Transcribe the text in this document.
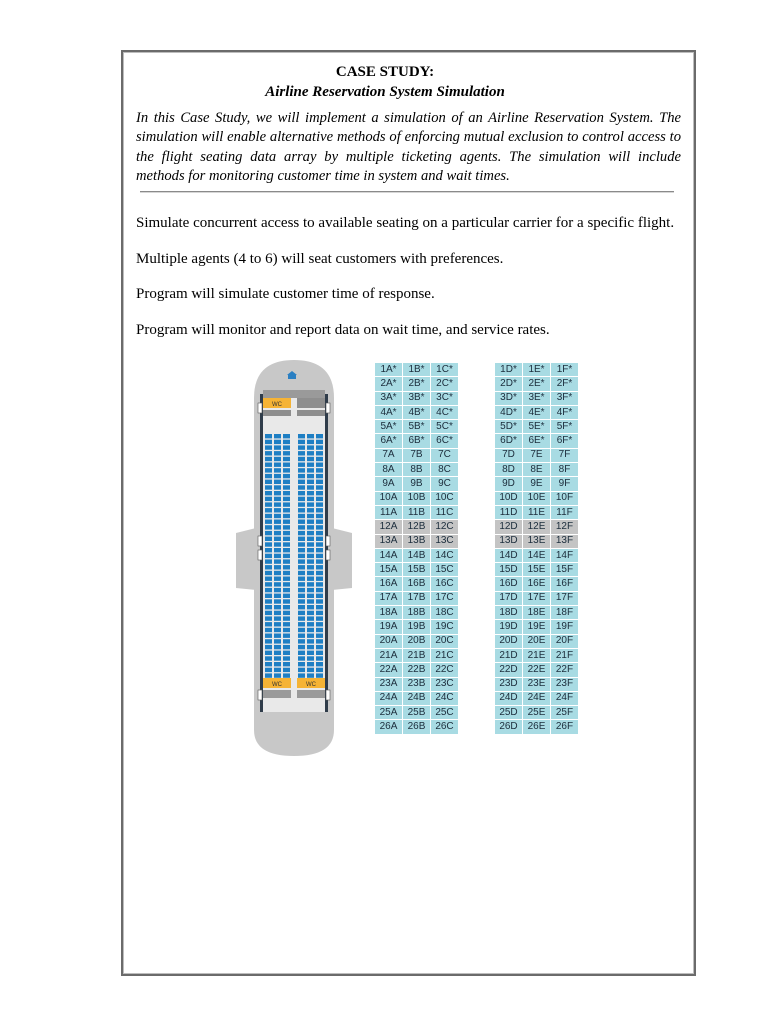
CASE STUDY:
Airline Reservation System Simulation
In this Case Study, we will implement a simulation of an Airline Reservation System. The simulation will enable alternative methods of enforcing mutual exclusion to control access to the flight seating data array by multiple ticketing agents. The simulation will include methods for monitoring customer time in system and wait times.
Simulate concurrent access to available seating on a particular carrier for a specific flight.
Multiple agents (4 to 6) will seat customers with preferences.
Program will simulate customer time of response.
Program will monitor and report data on wait time, and service rates.
WC
WC	WC
1A*	1B*	1C*
2A*	2B*	2C*
3A*	3B*	3C*
4A*	4B*	4C*
5A*	5B*	5C*
6A*	6B*	6C*
7A	7B	7C
8A	8B	8C
9A	9B	9C
10A	10B	10C
11A	11B	11C
12A	12B	12C
13A	13B	13C
14A	14B	14C
15A	15B	15C
16A	16B	16C
17A	17B	17C
18A	18B	18C
19A	19B	19C
20A	20B	20C
21A	21B	21C
22A	22B	22C
23A	23B	23C
24A	24B	24C
25A	25B	25C
26A	26B	26C
1D*	1E*	1F*
2D*	2E*	2F*
3D*	3E*	3F*
4D*	4E*	4F*
5D*	5E*	5F*
6D*	6E*	6F*
7D	7E	7F
8D	8E	8F
9D	9E	9F
10D	10E	10F
11D	11E	11F
12D	12E	12F
13D	13E	13F
14D	14E	14F
15D	15E	15F
16D	16E	16F
17D	17E	17F
18D	18E	18F
19D	19E	19F
20D	20E	20F
21D	21E	21F
22D	22E	22F
23D	23E	23F
24D	24E	24F
25D	25E	25F
26D	26E	26F
